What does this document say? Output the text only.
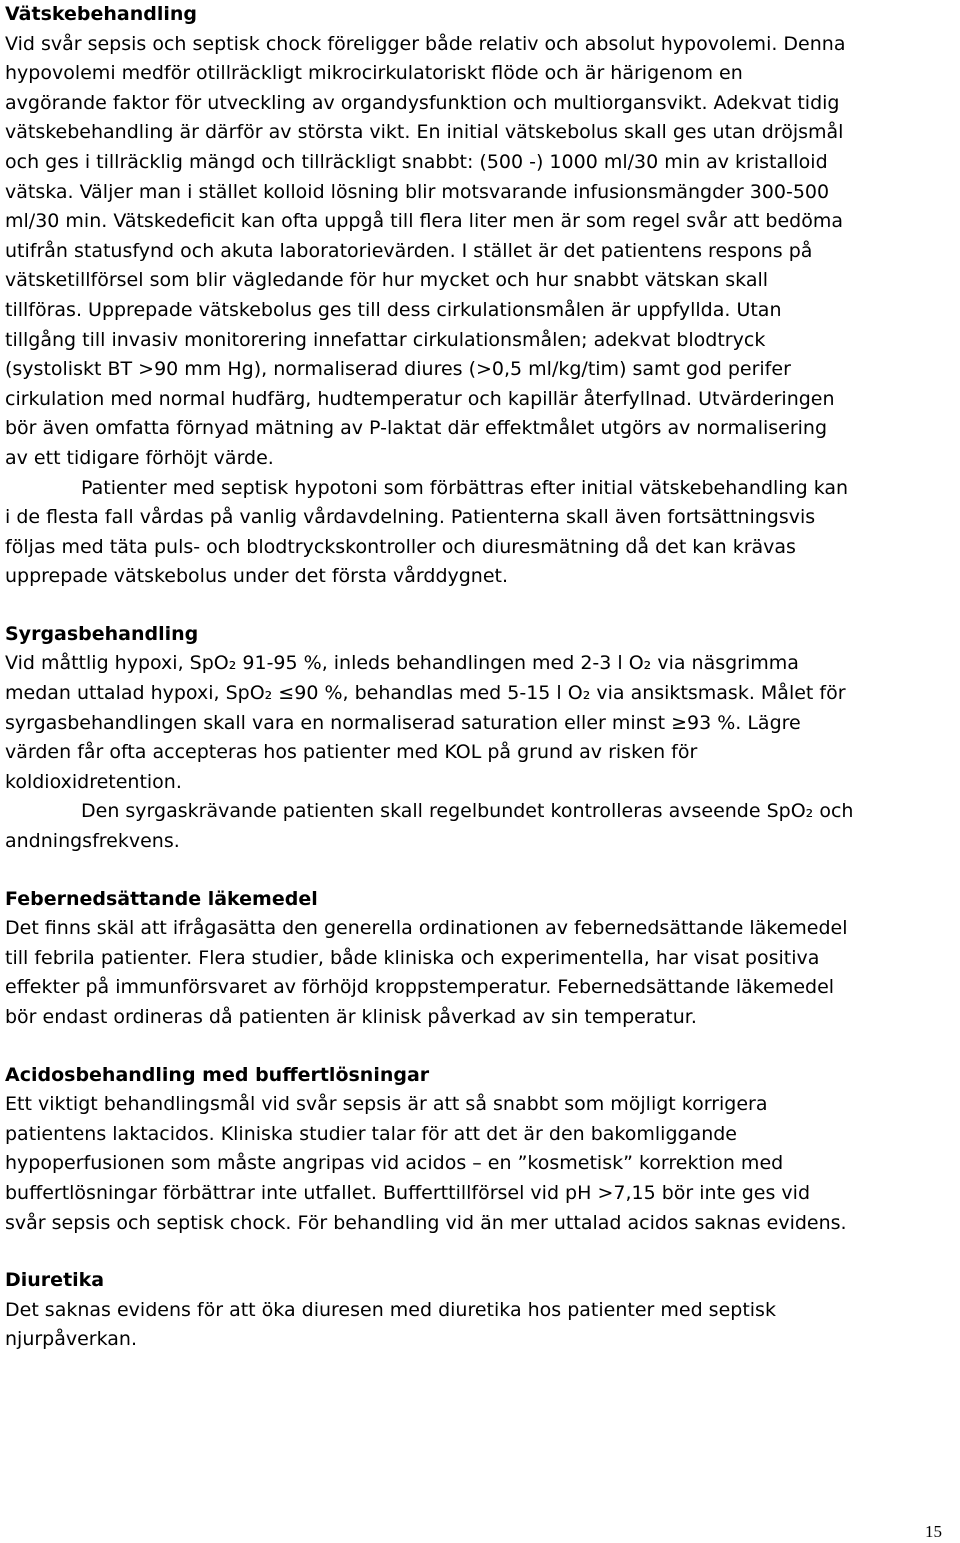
Vätskebehandling

Vid svår sepsis och septisk chock föreligger både relativ och absolut hypovolemi. Denna
hypovolemi medför otillräckligt mikrocirkulatoriskt flöde och är härigenom en
avgörande faktor för utveckling av organdysfunktion och multiorgansvikt. Adekvat tidig
vätskebehandling är därför av största vikt. En initial vätskebolus skall ges utan dröjsmål
och ges i tillräcklig mängd och tillräckligt snabbt: (500 -) 1000 ml/30 min av kristalloid
vätska. Väljer man i stället kolloid lösning blir motsvarande infusionsmängder 300-500
ml/30 min. Vätskedeficit kan ofta uppgå till flera liter men är som regel svår att bedöma
utifrån statusfynd och akuta laboratorievärden. I stället är det patientens respons på
vätsketillförsel som blir vägledande för hur mycket och hur snabbt vätskan skall
tillföras. Upprepade vätskebolus ges till dess cirkulationsmålen är uppfyllda. Utan
tillgång till invasiv monitorering innefattar cirkulationsmålen; adekvat blodtryck
(systoliskt BT >90 mm Hg), normaliserad diures (>0,5 ml/kg/tim) samt god perifer
cirkulation med normal hudfärg, hudtemperatur och kapillär återfyllnad. Utvärderingen
bör även omfatta förnyad mätning av P-laktat där effektmålet utgörs av normalisering
av ett tidigare förhöjt värde.

Patienter med septisk hypotoni som förbättras efter initial vätskebehandling kan
i de flesta fall vårdas på vanlig vårdavdelning. Patienterna skall även fortsättningsvis
följas med täta puls- och blodtryckskontroller och diuresmätning då det kan krävas
upprepade vätskebolus under det första vårddygnet.

Syrgasbehandling

Vid måttlig hypoxi, SpO₂ 91-95 %, inleds behandlingen med 2-3 l O₂ via näsgrimma
medan uttalad hypoxi, SpO₂ ≤90 %, behandlas med 5-15 l O₂ via ansiktsmask. Målet för
syrgasbehandlingen skall vara en normaliserad saturation eller minst ≥93 %. Lägre
värden får ofta accepteras hos patienter med KOL på grund av risken för
koldioxidretention.

Den syrgaskrävande patienten skall regelbundet kontrolleras avseende SpO₂ och
andningsfrekvens.

Febernedsättande läkemedel

Det finns skäl att ifrågasätta den generella ordinationen av febernedsättande läkemedel
till febrila patienter. Flera studier, både kliniska och experimentella, har visat positiva
effekter på immunförsvaret av förhöjd kroppstemperatur. Febernedsättande läkemedel
bör endast ordineras då patienten är klinisk påverkad av sin temperatur.

Acidosbehandling med buffertlösningar

Ett viktigt behandlingsmål vid svår sepsis är att så snabbt som möjligt korrigera
patientens laktacidos. Kliniska studier talar för att det är den bakomliggande
hypoperfusionen som måste angripas vid acidos – en ”kosmetisk” korrektion med
buffertlösningar förbättrar inte utfallet. Bufferttillförsel vid pH >7,15 bör inte ges vid
svår sepsis och septisk chock. För behandling vid än mer uttalad acidos saknas evidens.

Diuretika

Det saknas evidens för att öka diuresen med diuretika hos patienter med septisk
njurpåverkan.

15
